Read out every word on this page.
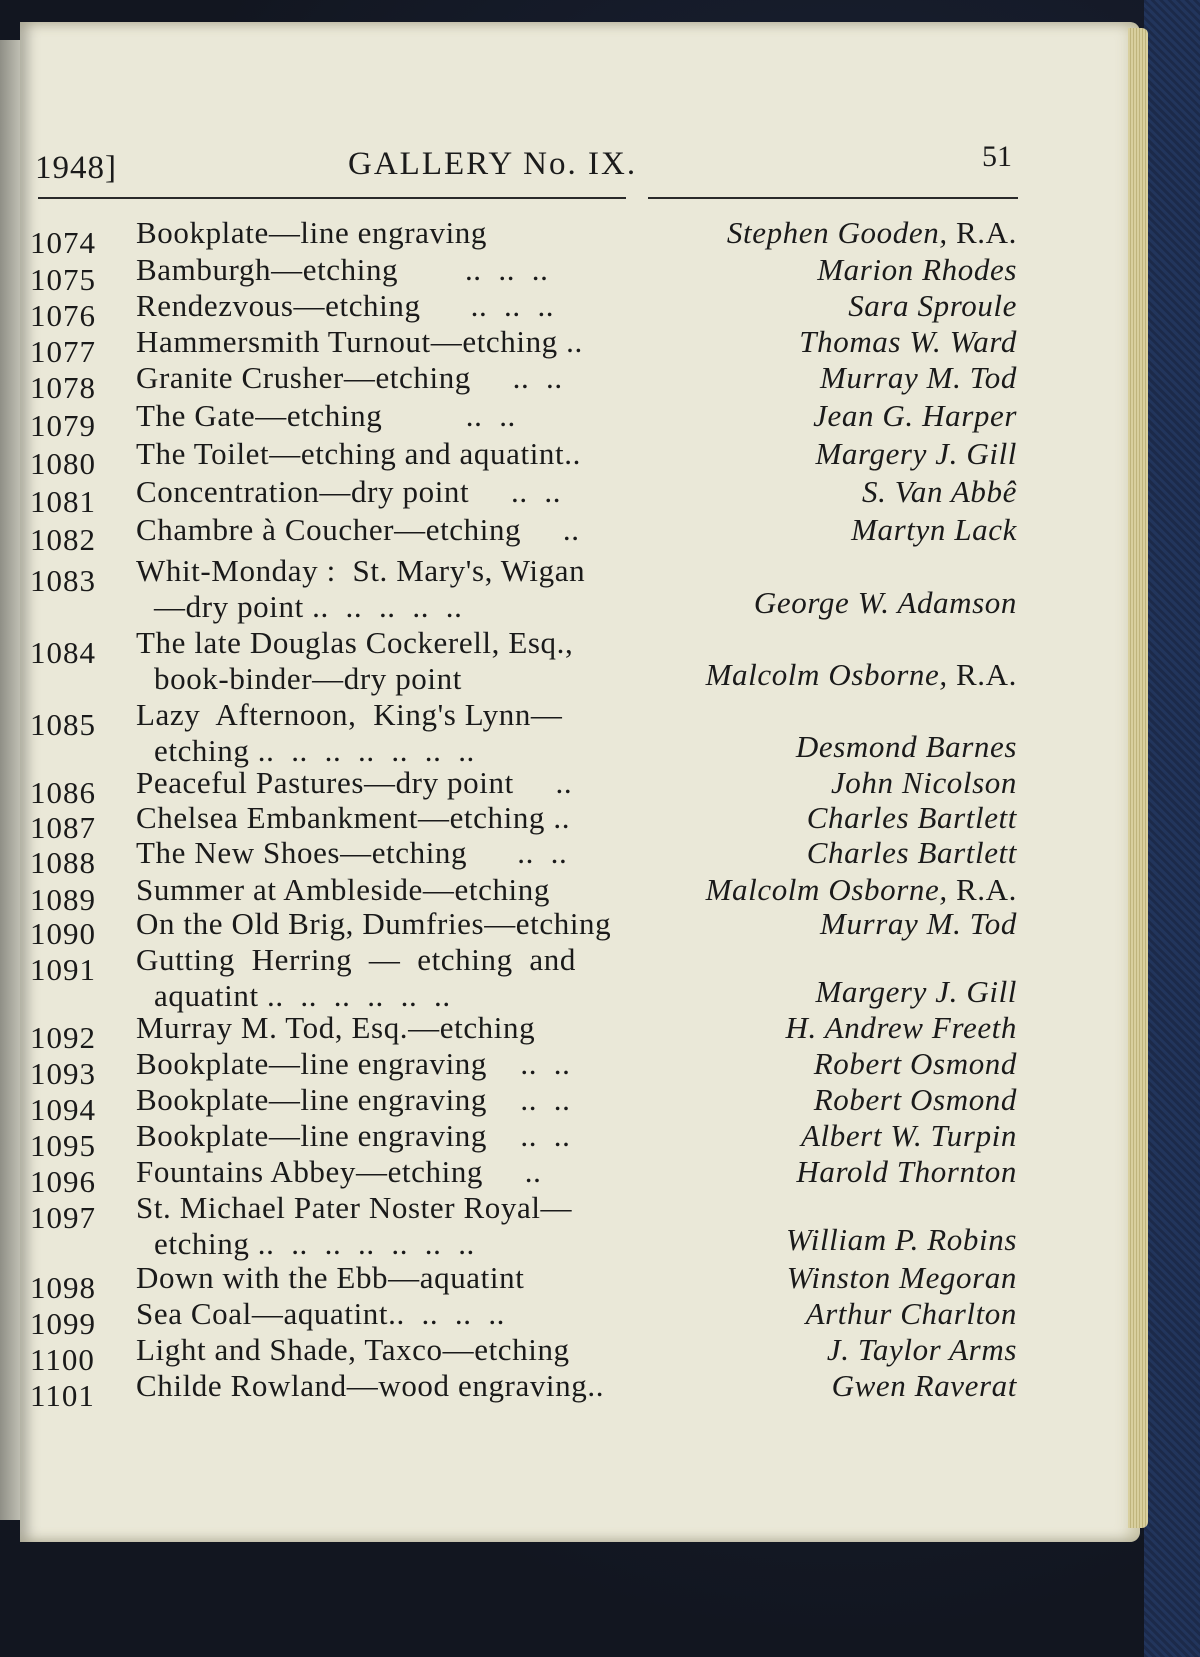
1948]	GALLERY No. IX.	51
1074 Bookplate—line engraving	Stephen Gooden, R.A.
1075 Bamburgh—etching        ..  ..  ..	Marion Rhodes
1076 Rendezvous—etching      ..  ..  ..	Sara Sproule
1077 Hammersmith Turnout—etching ..	Thomas W. Ward
1078 Granite Crusher—etching     ..  ..	Murray M. Tod
1079 The Gate—etching          ..  ..	Jean G. Harper
1080 The Toilet—etching and aquatint..	Margery J. Gill
1081 Concentration—dry point     ..  ..	S. Van Abbê
1082 Chambre à Coucher—etching     ..	Martyn Lack
1083 Whit-Monday :  St. Mary's, Wigan
—dry point ..  ..  ..  ..  ..	George W. Adamson
1084 The late Douglas Cockerell, Esq.,
book-binder—dry point	Malcolm Osborne, R.A.
1085 Lazy  Afternoon,  King's Lynn—
etching ..  ..  ..  ..  ..  ..  ..	Desmond Barnes
1086 Peaceful Pastures—dry point     ..	John Nicolson
1087 Chelsea Embankment—etching ..	Charles Bartlett
1088 The New Shoes—etching      ..  ..	Charles Bartlett
1089 Summer at Ambleside—etching	Malcolm Osborne, R.A.
1090 On the Old Brig, Dumfries—etching	Murray M. Tod
1091 Gutting  Herring  —  etching  and
aquatint ..  ..  ..  ..  ..  ..	Margery J. Gill
1092 Murray M. Tod, Esq.—etching	H. Andrew Freeth
1093 Bookplate—line engraving    ..  ..	Robert Osmond
1094 Bookplate—line engraving    ..  ..	Robert Osmond
1095 Bookplate—line engraving    ..  ..	Albert W. Turpin
1096 Fountains Abbey—etching     ..	Harold Thornton
1097 St. Michael Pater Noster Royal—
etching ..  ..  ..  ..  ..  ..  ..	William P. Robins
1098 Down with the Ebb—aquatint	Winston Megoran
1099 Sea Coal—aquatint..  ..  ..  ..	Arthur Charlton
1100 Light and Shade, Taxco—etching	J. Taylor Arms
1101 Childe Rowland—wood engraving..	Gwen Raverat
